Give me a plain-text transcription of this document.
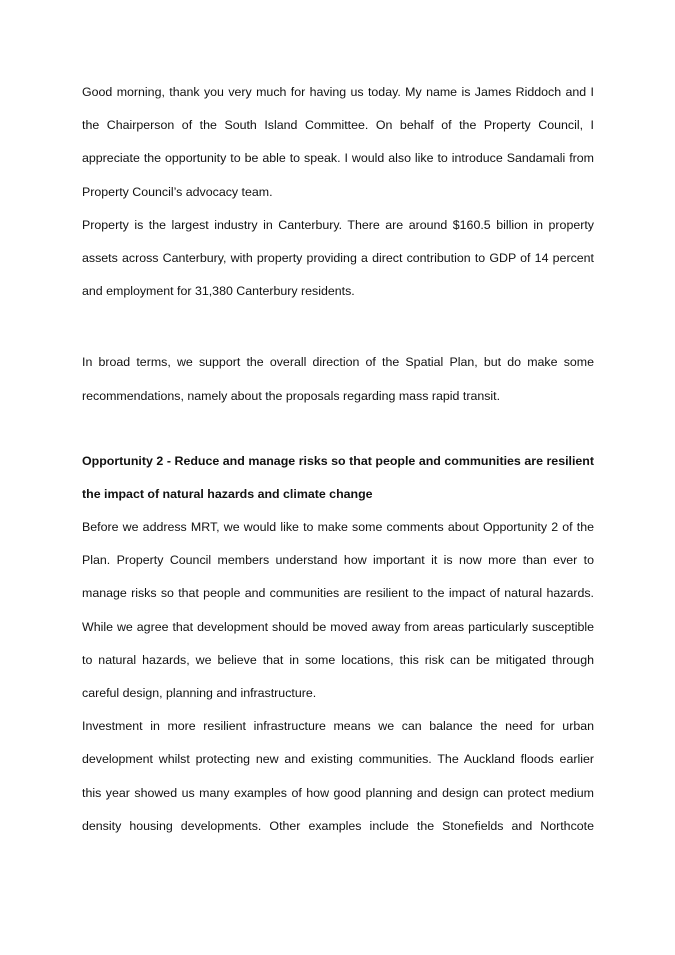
Good morning, thank you very much for having us today. My name is James Riddoch and I
the Chairperson of the South Island Committee. On behalf of the Property Council, I
appreciate the opportunity to be able to speak. I would also like to introduce Sandamali from
Property Council’s advocacy team.

Property is the largest industry in Canterbury. There are around $160.5 billion in property
assets across Canterbury, with property providing a direct contribution to GDP of 14 percent
and employment for 31,380 Canterbury residents.

In broad terms, we support the overall direction of the Spatial Plan, but do make some
recommendations, namely about the proposals regarding mass rapid transit.

Opportunity 2 - Reduce and manage risks so that people and communities are resilient
the impact of natural hazards and climate change

Before we address MRT, we would like to make some comments about Opportunity 2 of the
Plan. Property Council members understand how important it is now more than ever to
manage risks so that people and communities are resilient to the impact of natural hazards.
While we agree that development should be moved away from areas particularly susceptible
to natural hazards, we believe that in some locations, this risk can be mitigated through
careful design, planning and infrastructure.

Investment in more resilient infrastructure means we can balance the need for urban
development whilst protecting new and existing communities. The Auckland floods earlier
this year showed us many examples of how good planning and design can protect medium
density housing developments. Other examples include the Stonefields and Northcote
